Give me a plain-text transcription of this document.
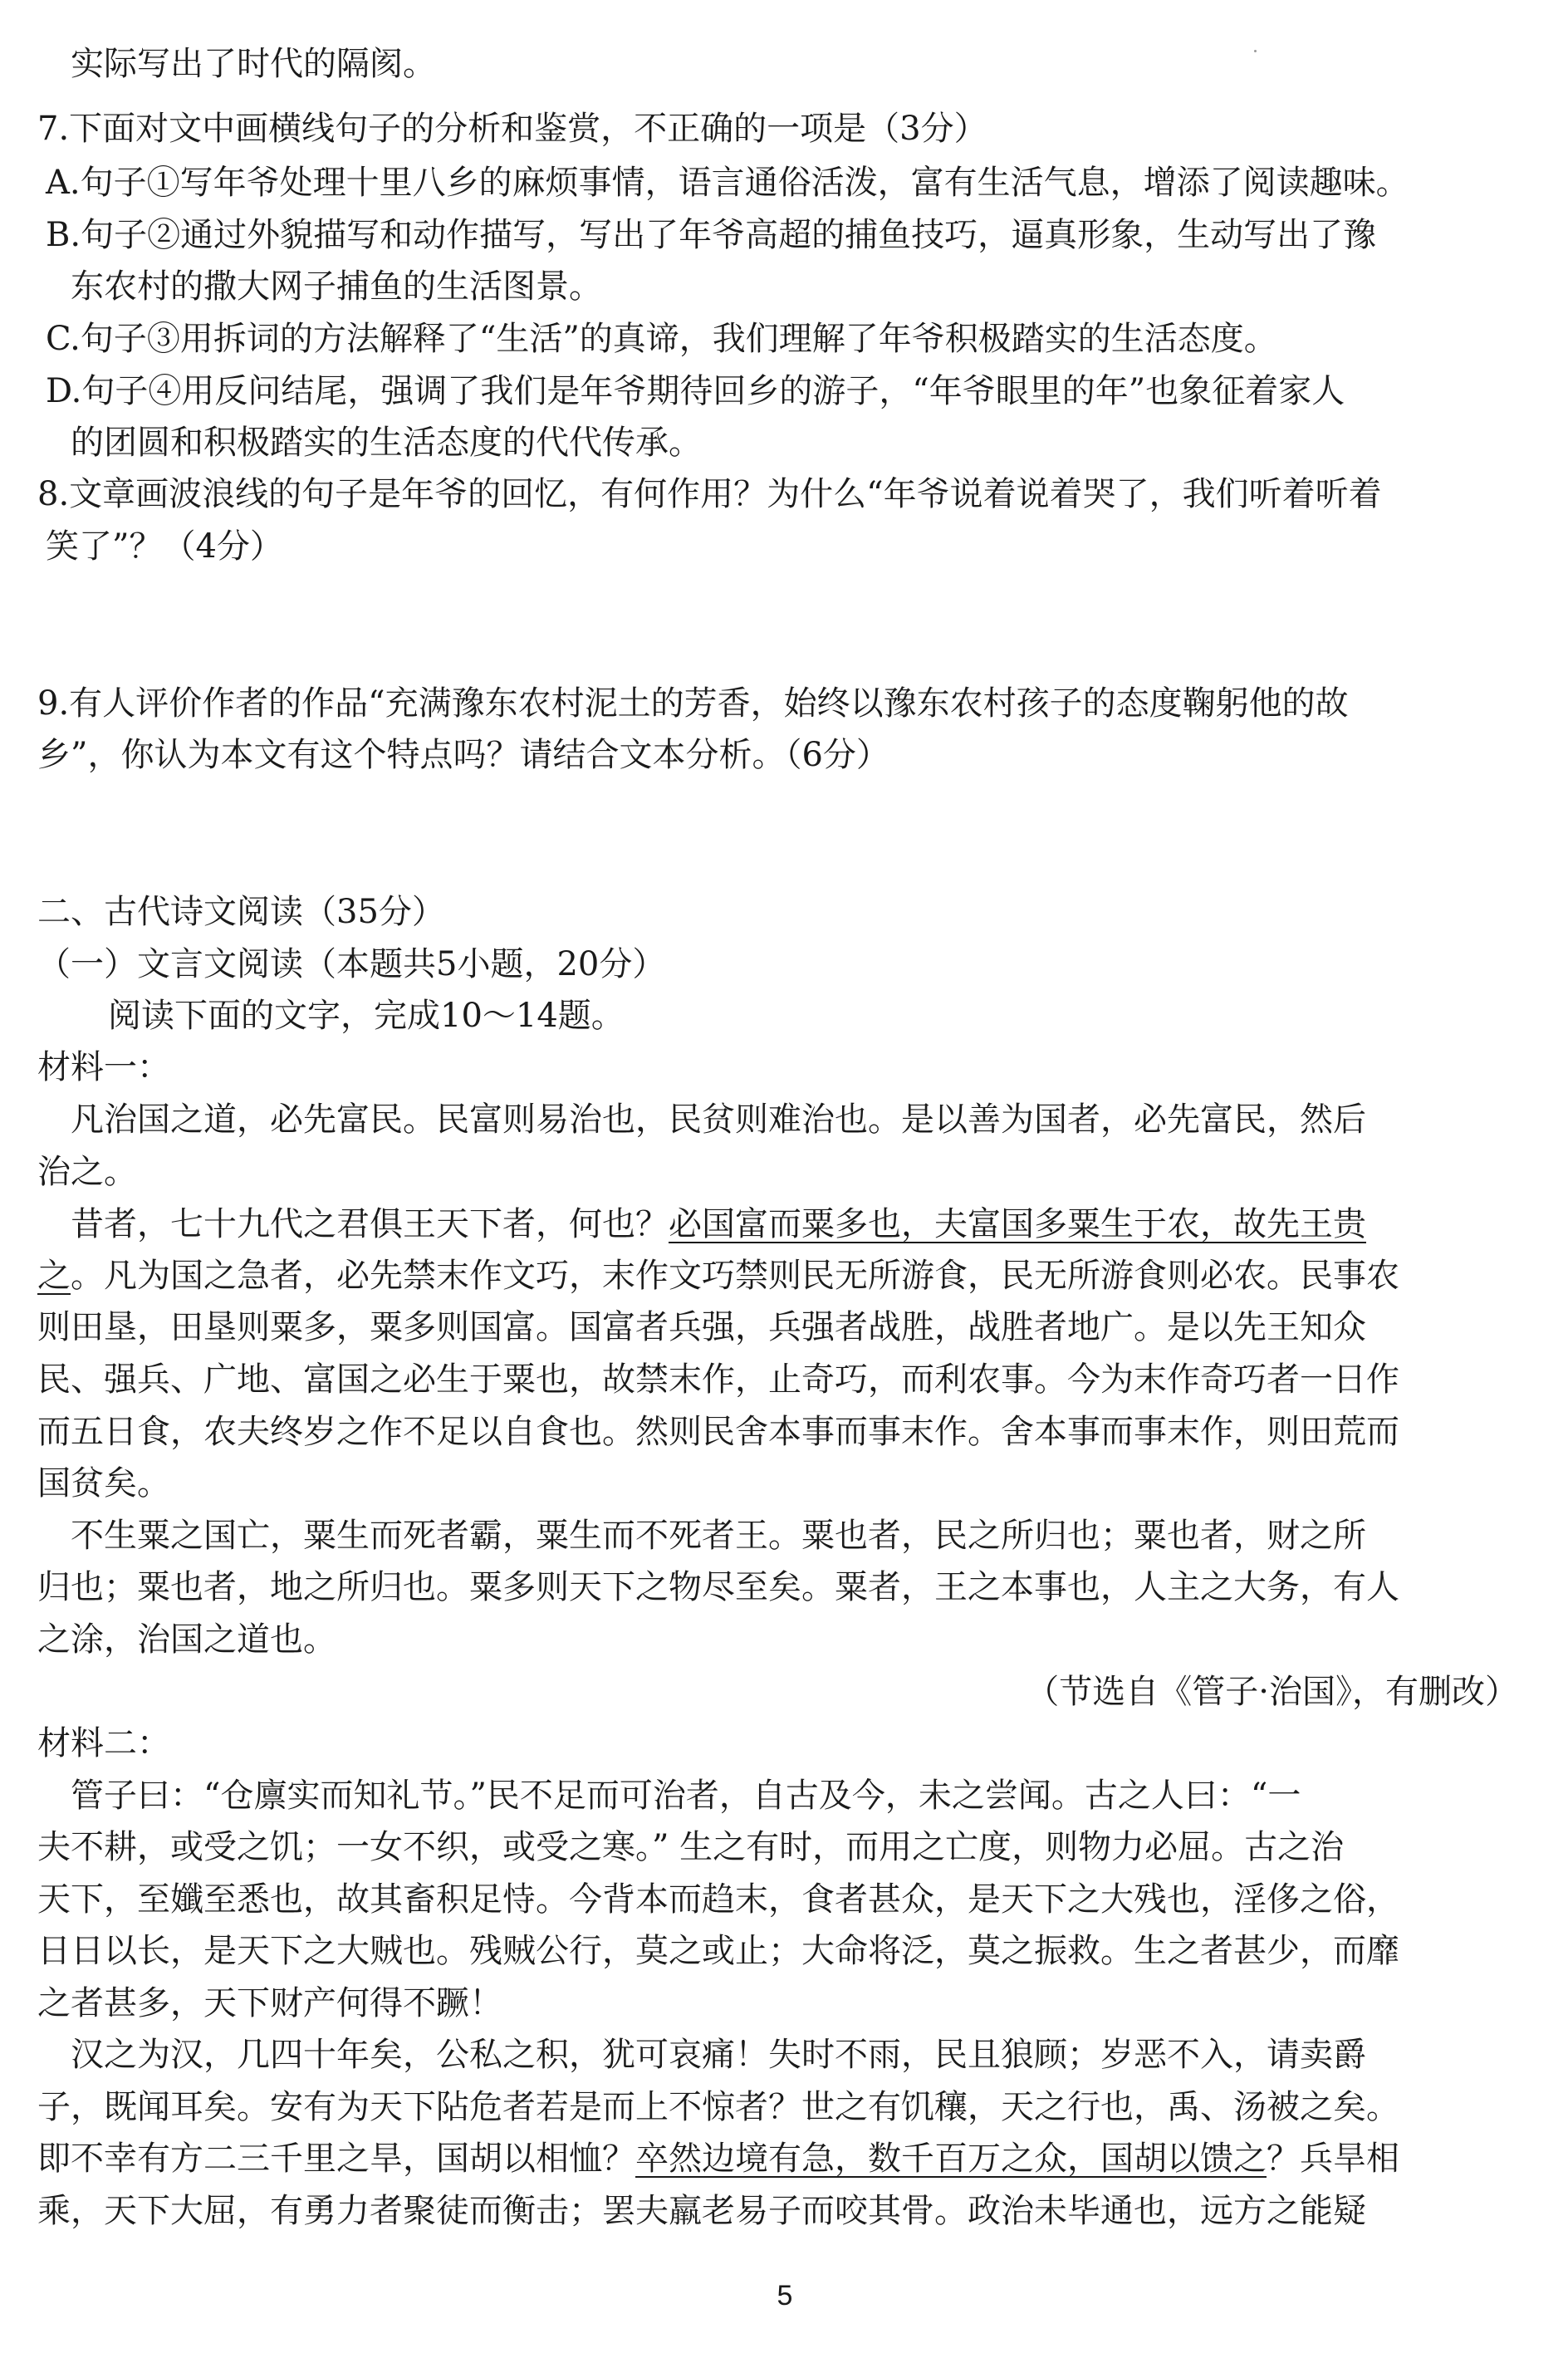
实际写出了时代的隔阂。
7.下面对文中画横线句子的分析和鉴赏，不正确的一项是（3分）
A.句子①写年爷处理十里八乡的麻烦事情，语言通俗活泼，富有生活气息，增添了阅读趣味。
B.句子②通过外貌描写和动作描写，写出了年爷高超的捕鱼技巧，逼真形象，生动写出了豫
东农村的撒大网子捕鱼的生活图景。
C.句子③用拆词的方法解释了“生活”的真谛，我们理解了年爷积极踏实的生活态度。
D.句子④用反问结尾，强调了我们是年爷期待回乡的游子，“年爷眼里的年”也象征着家人
的团圆和积极踏实的生活态度的代代传承。
8.文章画波浪线的句子是年爷的回忆，有何作用？为什么“年爷说着说着哭了，我们听着听着
笑了”？（4分）
9.有人评价作者的作品“充满豫东农村泥土的芳香，始终以豫东农村孩子的态度鞠躬他的故
乡”，你认为本文有这个特点吗？请结合文本分析。（6分）
二、古代诗文阅读（35分）
（一）文言文阅读（本题共5小题，20分）
阅读下面的文字，完成10～14题。
材料一：
凡治国之道，必先富民。民富则易治也，民贫则难治也。是以善为国者，必先富民，然后
治之。
昔者，七十九代之君俱王天下者，何也？必国富而粟多也，夫富国多粟生于农，故先王贵
之。凡为国之急者，必先禁末作文巧，末作文巧禁则民无所游食，民无所游食则必农。民事农
则田垦，田垦则粟多，粟多则国富。国富者兵强，兵强者战胜，战胜者地广。是以先王知众
民、强兵、广地、富国之必生于粟也，故禁末作，止奇巧，而利农事。今为末作奇巧者一日作
而五日食，农夫终岁之作不足以自食也。然则民舍本事而事末作。舍本事而事末作，则田荒而
国贫矣。
不生粟之国亡，粟生而死者霸，粟生而不死者王。粟也者，民之所归也；粟也者，财之所
归也；粟也者，地之所归也。粟多则天下之物尽至矣。粟者，王之本事也，人主之大务，有人
之涂，治国之道也。
（节选自《管子·治国》，有删改）
材料二：
管子曰：“仓廪实而知礼节。”民不足而可治者，自古及今，未之尝闻。古之人曰：“一
夫不耕，或受之饥；一女不织，或受之寒。” 生之有时，而用之亡度，则物力必屈。古之治
天下，至孅至悉也，故其畜积足恃。今背本而趋末，食者甚众，是天下之大残也，淫侈之俗，
日日以长，是天下之大贼也。残贼公行，莫之或止；大命将泛，莫之振救。生之者甚少，而靡
之者甚多，天下财产何得不蹶！
汉之为汉，几四十年矣，公私之积，犹可哀痛！失时不雨，民且狼顾；岁恶不入，请卖爵
子，既闻耳矣。安有为天下阽危者若是而上不惊者？世之有饥穰，天之行也，禹、汤被之矣。
即不幸有方二三千里之旱，国胡以相恤？卒然边境有急，数千百万之众，国胡以馈之？兵旱相
乘，天下大屈，有勇力者聚徒而衡击；罢夫羸老易子而咬其骨。政治未毕通也，远方之能疑
5
